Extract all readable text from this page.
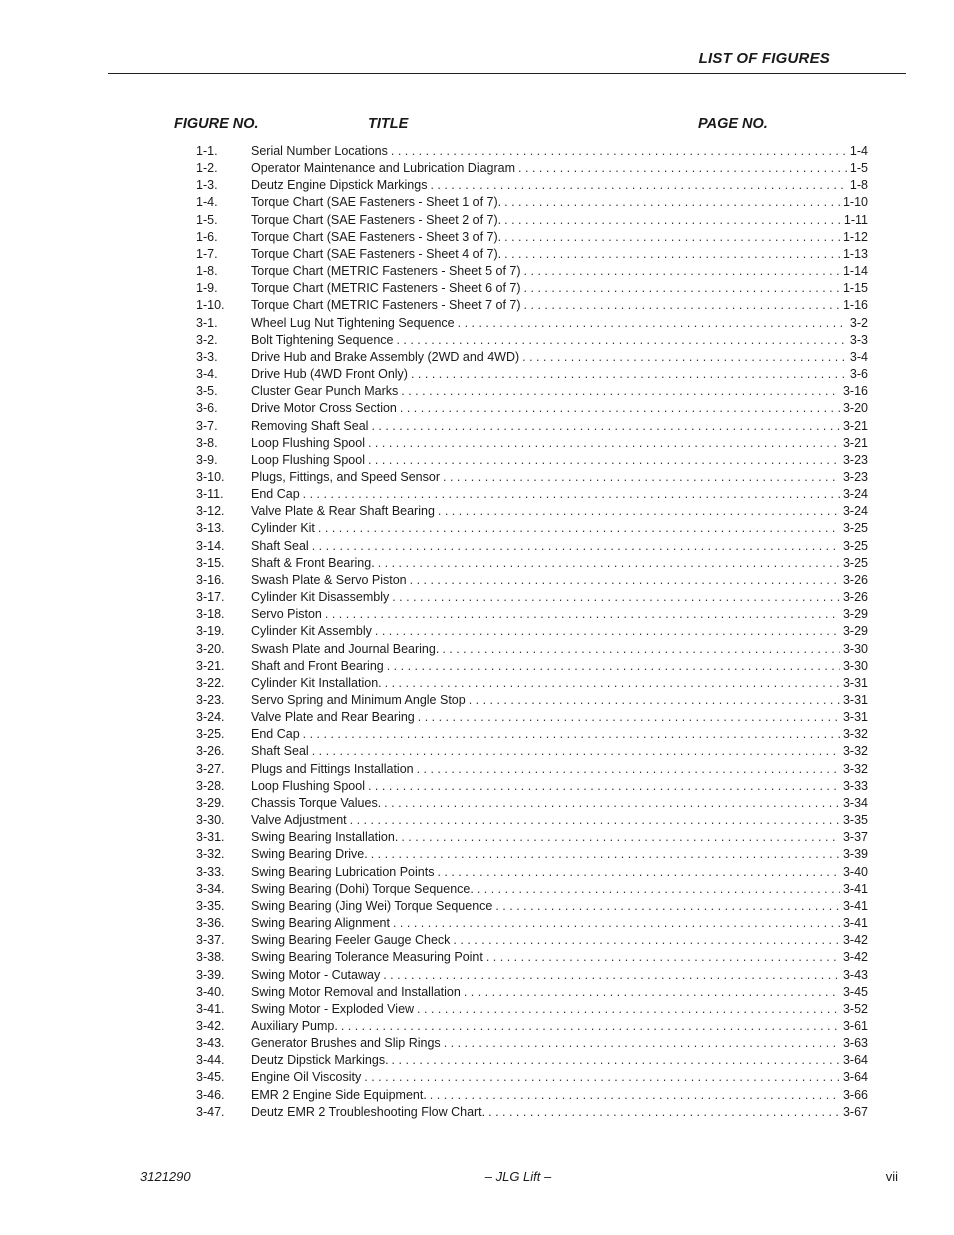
LIST OF FIGURES
FIGURE NO.	TITLE	PAGE NO.
1-1.	Serial Number Locations . . .	1-4
1-2.	Operator Maintenance and Lubrication Diagram . . .	1-5
1-3.	Deutz Engine Dipstick Markings . . .	1-8
1-4.	Torque Chart (SAE Fasteners - Sheet 1 of 7). . . .	1-10
1-5.	Torque Chart (SAE Fasteners - Sheet 2 of 7). . . .	1-11
1-6.	Torque Chart (SAE Fasteners - Sheet 3 of 7). . . .	1-12
1-7.	Torque Chart (SAE Fasteners - Sheet 4 of 7). . . .	1-13
1-8.	Torque Chart (METRIC Fasteners - Sheet 5 of 7) . . .	1-14
1-9.	Torque Chart (METRIC Fasteners - Sheet 6 of 7) . . .	1-15
1-10.	Torque Chart (METRIC Fasteners - Sheet 7 of 7) . . .	1-16
3-1.	Wheel Lug Nut Tightening Sequence . . .	3-2
3-2.	Bolt Tightening Sequence . . .	3-3
3-3.	Drive Hub and Brake Assembly (2WD and 4WD) . . .	3-4
3-4.	Drive Hub (4WD Front Only) . . .	3-6
3-5.	Cluster Gear Punch Marks . . .	3-16
3-6.	Drive Motor Cross Section . . .	3-20
3-7.	Removing Shaft Seal . . .	3-21
3-8.	Loop Flushing Spool . . .	3-21
3-9.	Loop Flushing Spool . . .	3-23
3-10.	Plugs, Fittings, and Speed Sensor . . .	3-23
3-11.	End Cap . . .	3-24
3-12.	Valve Plate & Rear Shaft Bearing . . .	3-24
3-13.	Cylinder Kit . . .	3-25
3-14.	Shaft Seal . . .	3-25
3-15.	Shaft & Front Bearing. . . .	3-25
3-16.	Swash Plate & Servo Piston . . .	3-26
3-17.	Cylinder Kit Disassembly . . .	3-26
3-18.	Servo Piston . . .	3-29
3-19.	Cylinder Kit Assembly . . .	3-29
3-20.	Swash Plate and Journal Bearing. . . .	3-30
3-21.	Shaft and Front Bearing . . .	3-30
3-22.	Cylinder Kit Installation. . . .	3-31
3-23.	Servo Spring and Minimum Angle Stop . . .	3-31
3-24.	Valve Plate and Rear Bearing . . .	3-31
3-25.	End Cap . . .	3-32
3-26.	Shaft Seal . . .	3-32
3-27.	Plugs and Fittings Installation . . .	3-32
3-28.	Loop Flushing Spool . . .	3-33
3-29.	Chassis Torque Values. . . .	3-34
3-30.	Valve Adjustment . . .	3-35
3-31.	Swing Bearing Installation. . . .	3-37
3-32.	Swing Bearing Drive. . . .	3-39
3-33.	Swing Bearing Lubrication Points . . .	3-40
3-34.	Swing Bearing (Dohi) Torque Sequence. . . .	3-41
3-35.	Swing Bearing (Jing Wei) Torque Sequence . . .	3-41
3-36.	Swing Bearing Alignment . . .	3-41
3-37.	Swing Bearing Feeler Gauge Check . . .	3-42
3-38.	Swing Bearing Tolerance Measuring Point . . .	3-42
3-39.	Swing Motor - Cutaway . . .	3-43
3-40.	Swing Motor Removal and Installation . . .	3-45
3-41.	Swing Motor - Exploded View . . .	3-52
3-42.	Auxiliary Pump. . . .	3-61
3-43.	Generator Brushes and Slip Rings . . .	3-63
3-44.	Deutz Dipstick Markings. . . .	3-64
3-45.	Engine Oil Viscosity . . .	3-64
3-46.	EMR 2 Engine Side Equipment. . . .	3-66
3-47.	Deutz EMR 2 Troubleshooting Flow Chart. . . .	3-67
3121290	– JLG Lift –	vii
